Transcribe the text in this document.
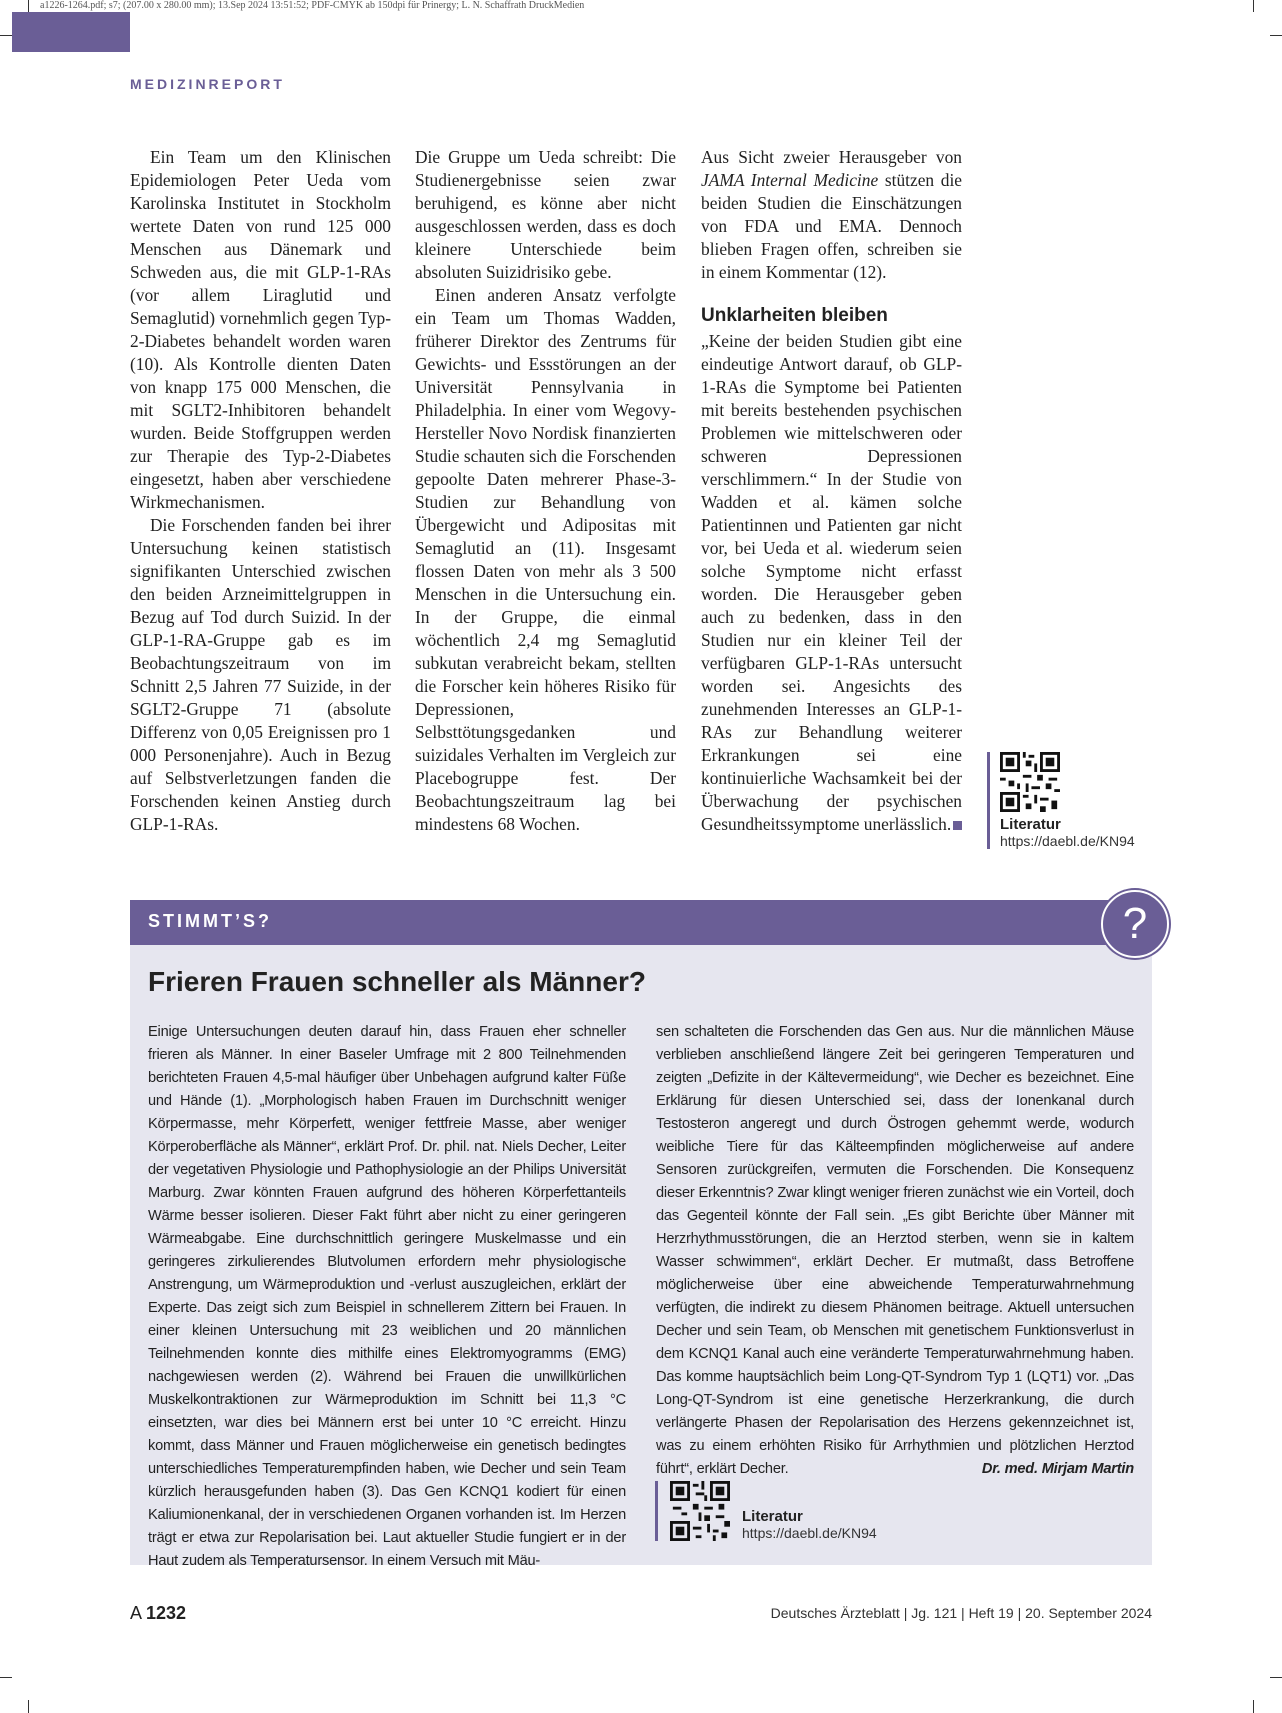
a1226-1264.pdf; s7; (207.00 x 280.00 mm); 13.Sep 2024 13:51:52; PDF-CMYK ab 150dpi für Prinergy; L. N. Schaffrath DruckMedien
MEDIZINREPORT

Ein Team um den Klinischen Epidemiologen Peter Ueda vom Karolinska Institutet in Stockholm wertete Daten von rund 125 000 Menschen aus Dänemark und Schweden aus, die mit GLP-1-RAs (vor allem Liraglutid und Semaglutid) vornehmlich gegen Typ-2-Diabetes behandelt worden waren (10). Als Kontrolle dienten Daten von knapp 175 000 Menschen, die mit SGLT2-Inhibitoren behandelt wurden. Beide Stoffgruppen werden zur Therapie des Typ-2-Diabetes eingesetzt, haben aber verschiedene Wirkmechanismen.

Die Forschenden fanden bei ihrer Untersuchung keinen statistisch signifikanten Unterschied zwischen den beiden Arzneimittelgruppen in Bezug auf Tod durch Suizid. In der GLP-1-RA-Gruppe gab es im Beobachtungszeitraum von im Schnitt 2,5 Jahren 77 Suizide, in der SGLT2-Gruppe 71 (absolute Differenz von 0,05 Ereignissen pro 1 000 Personenjahre). Auch in Bezug auf Selbstverletzungen fanden die Forschenden keinen Anstieg durch GLP-1-RAs.

Die Gruppe um Ueda schreibt: Die Studienergebnisse seien zwar beruhigend, es könne aber nicht ausgeschlossen werden, dass es doch kleinere Unterschiede beim absoluten Suizidrisiko gebe.

Einen anderen Ansatz verfolgte ein Team um Thomas Wadden, früherer Direktor des Zentrums für Gewichts- und Essstörungen an der Universität Pennsylvania in Philadelphia. In einer vom Wegovy-Hersteller Novo Nordisk finanzierten Studie schauten sich die Forschenden gepoolte Daten mehrerer Phase-3-Studien zur Behandlung von Übergewicht und Adipositas mit Semaglutid an (11). Insgesamt flossen Daten von mehr als 3 500 Menschen in die Untersuchung ein. In der Gruppe, die einmal wöchentlich 2,4 mg Semaglutid subkutan verabreicht bekam, stellten die Forscher kein höheres Risiko für Depressionen, Selbsttötungsgedanken und suizidales Verhalten im Vergleich zur Placebogruppe fest. Der Beobachtungszeitraum lag bei mindestens 68 Wochen.

Aus Sicht zweier Herausgeber von JAMA Internal Medicine stützen die beiden Studien die Einschätzungen von FDA und EMA. Dennoch blieben Fragen offen, schreiben sie in einem Kommentar (12).

Unklarheiten bleiben

„Keine der beiden Studien gibt eine eindeutige Antwort darauf, ob GLP-1-RAs die Symptome bei Patienten mit bereits bestehenden psychischen Problemen wie mittelschweren oder schweren Depressionen verschlimmern.“ In der Studie von Wadden et al. kämen solche Patientinnen und Patienten gar nicht vor, bei Ueda et al. wiederum seien solche Symptome nicht erfasst worden. Die Herausgeber geben auch zu bedenken, dass in den Studien nur ein kleiner Teil der verfügbaren GLP-1-RAs untersucht worden sei. Angesichts des zunehmenden Interesses an GLP-1-RAs zur Behandlung weiterer Erkrankungen sei eine kontinuierliche Wachsamkeit bei der Überwachung der psychischen Gesundheitssymptome unerlässlich.	Literatur
https://daebl.de/KN94
STIMMT’S?	?
Frieren Frauen schneller als Männer?

Einige Untersuchungen deuten darauf hin, dass Frauen eher schneller frieren als Männer. In einer Baseler Umfrage mit 2 800 Teilnehmenden berichteten Frauen 4,5-mal häufiger über Unbehagen aufgrund kalter Füße und Hände (1). „Morphologisch haben Frauen im Durchschnitt weniger Körpermasse, mehr Körperfett, weniger fettfreie Masse, aber weniger Körperoberfläche als Männer“, erklärt Prof. Dr. phil. nat. Niels Decher, Leiter der vegetativen Physiologie und Pathophysiologie an der Philips Universität Marburg. Zwar könnten Frauen aufgrund des höheren Körperfettanteils Wärme besser isolieren. Dieser Fakt führt aber nicht zu einer geringeren Wärmeabgabe. Eine durchschnittlich geringere Muskelmasse und ein geringeres zirkulierendes Blutvolumen erfordern mehr physiologische Anstrengung, um Wärmeproduktion und -verlust auszugleichen, erklärt der Experte. Das zeigt sich zum Beispiel in schnellerem Zittern bei Frauen. In einer kleinen Untersuchung mit 23 weiblichen und 20 männlichen Teilnehmenden konnte dies mithilfe eines Elektromyogramms (EMG) nachgewiesen werden (2). Während bei Frauen die unwillkürlichen Muskelkontraktionen zur Wärmeproduktion im Schnitt bei 11,3 °C einsetzten, war dies bei Männern erst bei unter 10 °C erreicht. Hinzu kommt, dass Männer und Frauen möglicherweise ein genetisch bedingtes unterschiedliches Temperaturempfinden haben, wie Decher und sein Team kürzlich herausgefunden haben (3). Das Gen KCNQ1 kodiert für einen Kaliumionenkanal, der in verschiedenen Organen vorhanden ist. Im Herzen trägt er etwa zur Repolarisation bei. Laut aktueller Studie fungiert er in der Haut zudem als Temperatursensor. In einem Versuch mit Mäu-

sen schalteten die Forschenden das Gen aus. Nur die männlichen Mäuse verblieben anschließend längere Zeit bei geringeren Temperaturen und zeigten „Defizite in der Kältevermeidung“, wie Decher es bezeichnet. Eine Erklärung für diesen Unterschied sei, dass der Ionenkanal durch Testosteron angeregt und durch Östrogen gehemmt werde, wodurch weibliche Tiere für das Kälteempfinden möglicherweise auf andere Sensoren zurückgreifen, vermuten die Forschenden. Die Konsequenz dieser Erkenntnis? Zwar klingt weniger frieren zunächst wie ein Vorteil, doch das Gegenteil könnte der Fall sein. „Es gibt Berichte über Männer mit Herzrhythmusstörungen, die an Herztod sterben, wenn sie in kaltem Wasser schwimmen“, erklärt Decher. Er mutmaßt, dass Betroffene möglicherweise über eine abweichende Temperaturwahrnehmung verfügten, die indirekt zu diesem Phänomen beitrage. Aktuell untersuchen Decher und sein Team, ob Menschen mit genetischem Funktionsverlust in dem KCNQ1 Kanal auch eine veränderte Temperaturwahrnehmung haben. Das komme hauptsächlich beim Long-QT-Syndrom Typ 1 (LQT1) vor. „Das Long-QT-Syndrom ist eine genetische Herzerkrankung, die durch verlängerte Phasen der Repolarisation des Herzens gekennzeichnet ist, was zu einem erhöhten Risiko für Arrhythmien und plötzlichen Herztod führt“, erklärt Decher.	Dr. med. Mirjam Martin

Literatur
https://daebl.de/KN94
A 1232	Deutsches Ärzteblatt | Jg. 121 | Heft 19 | 20. September 2024
